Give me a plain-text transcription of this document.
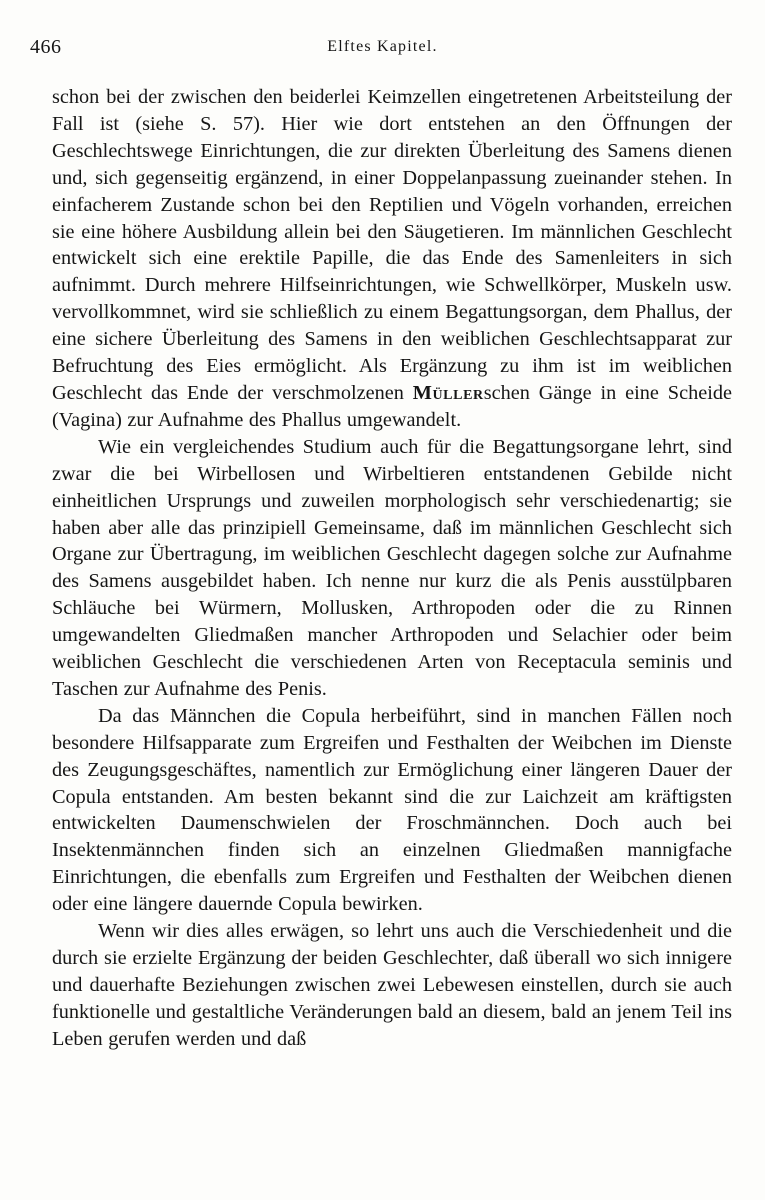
466	Elftes Kapitel.

schon bei der zwischen den beiderlei Keimzellen eingetretenen Arbeitsteilung der Fall ist (siehe S. 57). Hier wie dort entstehen an den Öffnungen der Geschlechtswege Einrichtungen, die zur direkten Überleitung des Samens dienen und, sich gegenseitig ergänzend, in einer Doppelanpassung zueinander stehen. In einfacherem Zustande schon bei den Reptilien und Vögeln vorhanden, erreichen sie eine höhere Ausbildung allein bei den Säugetieren. Im männlichen Geschlecht entwickelt sich eine erektile Papille, die das Ende des Samenleiters in sich aufnimmt. Durch mehrere Hilfseinrichtungen, wie Schwellkörper, Muskeln usw. vervollkommnet, wird sie schließlich zu einem Begattungsorgan, dem Phallus, der eine sichere Überleitung des Samens in den weiblichen Geschlechtsapparat zur Befruchtung des Eies ermöglicht. Als Ergänzung zu ihm ist im weiblichen Geschlecht das Ende der verschmolzenen Müllerschen Gänge in eine Scheide (Vagina) zur Aufnahme des Phallus umgewandelt.

Wie ein vergleichendes Studium auch für die Begattungsorgane lehrt, sind zwar die bei Wirbellosen und Wirbeltieren entstandenen Gebilde nicht einheitlichen Ursprungs und zuweilen morphologisch sehr verschiedenartig; sie haben aber alle das prinzipiell Gemeinsame, daß im männlichen Geschlecht sich Organe zur Übertragung, im weiblichen Geschlecht dagegen solche zur Aufnahme des Samens ausgebildet haben. Ich nenne nur kurz die als Penis ausstülpbaren Schläuche bei Würmern, Mollusken, Arthropoden oder die zu Rinnen umgewandelten Gliedmaßen mancher Arthropoden und Selachier oder beim weiblichen Geschlecht die verschiedenen Arten von Receptacula seminis und Taschen zur Aufnahme des Penis.

Da das Männchen die Copula herbeiführt, sind in manchen Fällen noch besondere Hilfsapparate zum Ergreifen und Festhalten der Weibchen im Dienste des Zeugungsgeschäftes, namentlich zur Ermöglichung einer längeren Dauer der Copula entstanden. Am besten bekannt sind die zur Laichzeit am kräftigsten entwickelten Daumenschwielen der Froschmännchen. Doch auch bei Insektenmännchen finden sich an einzelnen Gliedmaßen mannigfache Einrichtungen, die ebenfalls zum Ergreifen und Festhalten der Weibchen dienen oder eine längere dauernde Copula bewirken.

Wenn wir dies alles erwägen, so lehrt uns auch die Verschiedenheit und die durch sie erzielte Ergänzung der beiden Geschlechter, daß überall wo sich innigere und dauerhafte Beziehungen zwischen zwei Lebewesen einstellen, durch sie auch funktionelle und gestaltliche Veränderungen bald an diesem, bald an jenem Teil ins Leben gerufen werden und daß
